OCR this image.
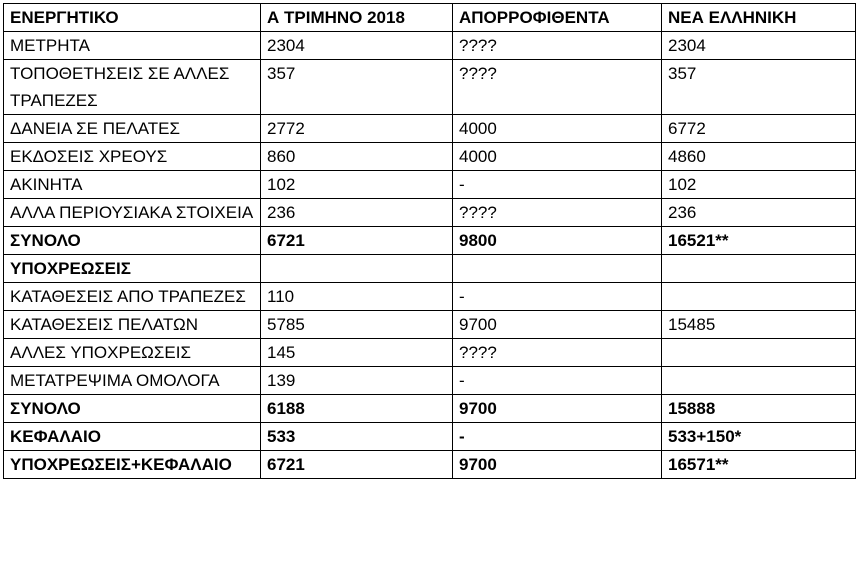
ΕΝΕΡΓΗΤΙΚΟ	Α ΤΡΙΜΗΝΟ 2018	ΑΠΟΡΡΟΦΙΘΕΝΤΑ	ΝΕΑ ΕΛΛΗΝΙΚΗ
ΜΕΤΡΗΤΑ	2304	????	2304
ΤΟΠΟΘΕΤΗΣΕΙΣ ΣΕ ΑΛΛΕΣ ΤΡΑΠΕΖΕΣ	357	????	357
ΔΑΝΕΙΑ ΣΕ ΠΕΛΑΤΕΣ	2772	4000	6772
ΕΚΔΟΣΕΙΣ ΧΡΕΟΥΣ	860	4000	4860
ΑΚΙΝΗΤΑ	102	-	102
ΑΛΛΑ ΠΕΡΙΟΥΣΙΑΚΑ ΣΤΟΙΧΕΙΑ	236	????	236
ΣΥΝΟΛΟ	6721	9800	16521**
ΥΠΟΧΡΕΩΣΕΙΣ			
ΚΑΤΑΘΕΣΕΙΣ ΑΠΟ ΤΡΑΠΕΖΕΣ	110	-	
ΚΑΤΑΘΕΣΕΙΣ ΠΕΛΑΤΩΝ	5785	9700	15485
ΑΛΛΕΣ ΥΠΟΧΡΕΩΣΕΙΣ	145	????	
ΜΕΤΑΤΡΕΨΙΜΑ ΟΜΟΛΟΓΑ	139	-	
ΣΥΝΟΛΟ	6188	9700	15888
ΚΕΦΑΛΑΙΟ	533	-	533+150*
ΥΠΟΧΡΕΩΣΕΙΣ+ΚΕΦΑΛΑΙΟ	6721	9700	16571**
